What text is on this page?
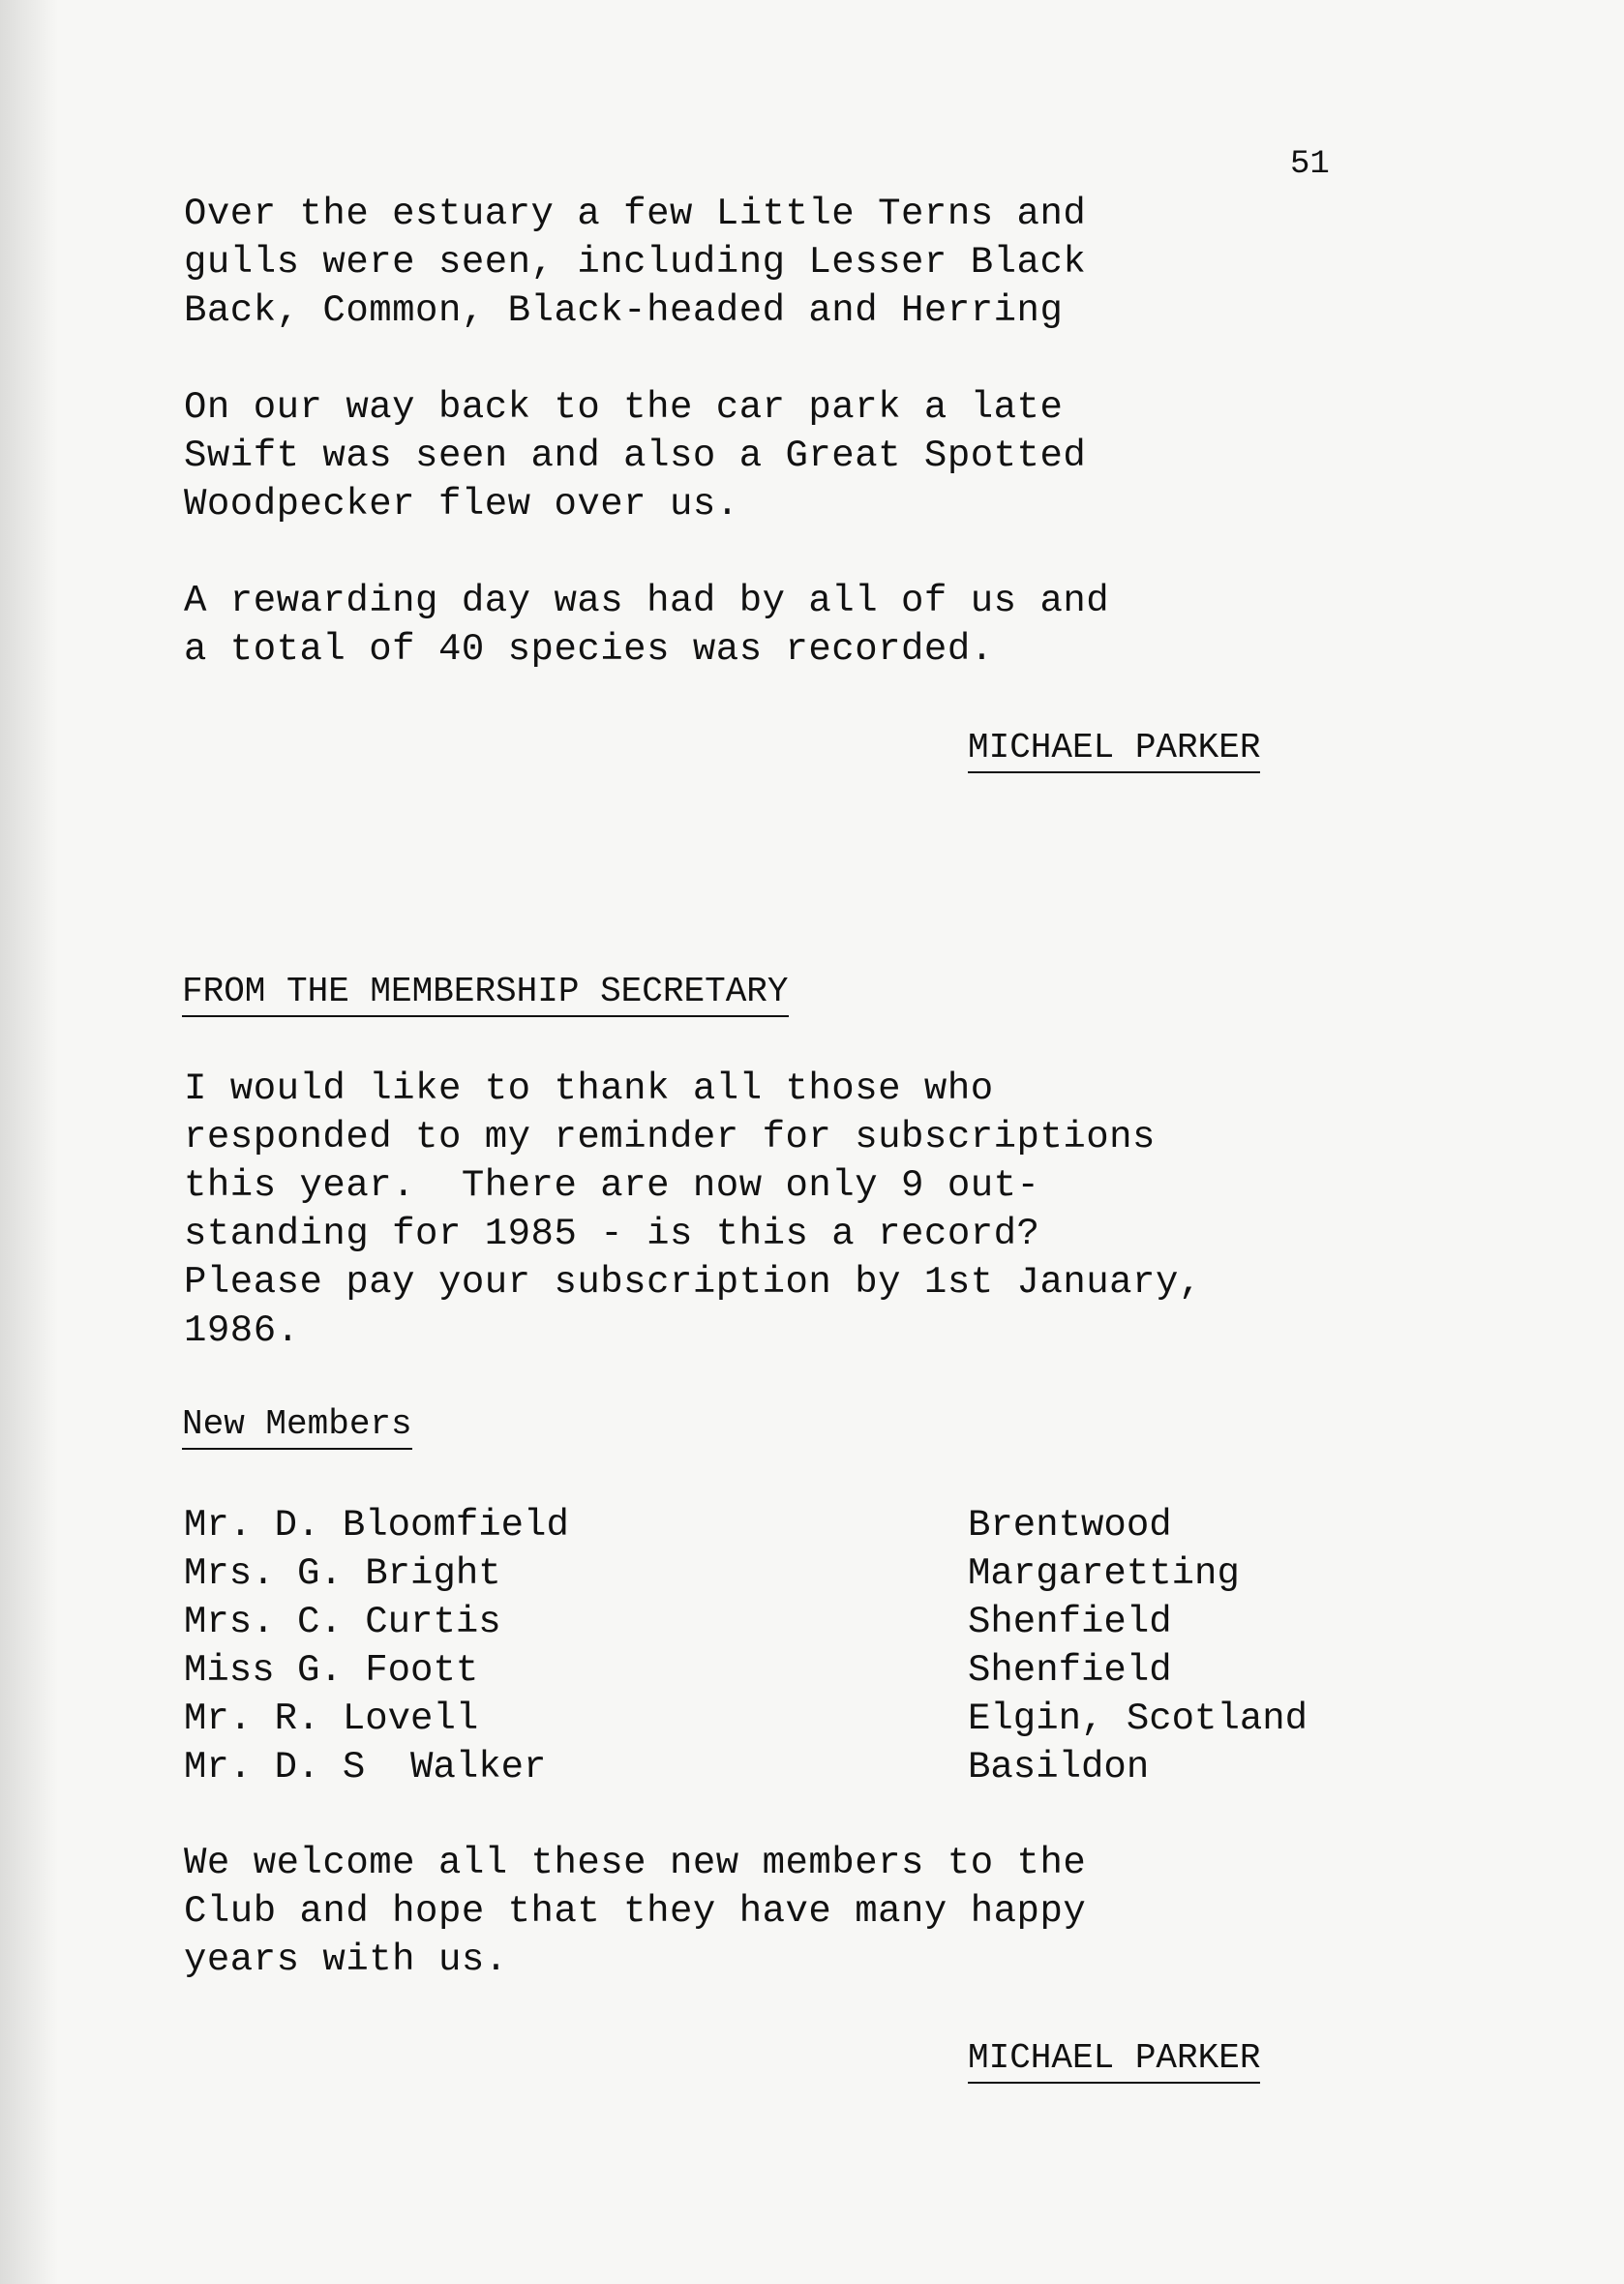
51
Over the estuary a few Little Terns and
gulls were seen, including Lesser Black
Back, Common, Black-headed and Herring
On our way back to the car park a late
Swift was seen and also a Great Spotted
Woodpecker flew over us.
A rewarding day was had by all of us and
a total of 40 species was recorded.
MICHAEL PARKER
FROM THE MEMBERSHIP SECRETARY
I would like to thank all those who
responded to my reminder for subscriptions
this year.  There are now only 9 out-
standing for 1985 - is this a record?
Please pay your subscription by 1st January,
1986.
New Members
Mr. D. Bloomfield	Brentwood
Mrs. G. Bright	Margaretting
Mrs. C. Curtis	Shenfield
Miss G. Foott	Shenfield
Mr. R. Lovell	Elgin, Scotland
Mr. D. S  Walker	Basildon
We welcome all these new members to the
Club and hope that they have many happy
years with us.
MICHAEL PARKER
